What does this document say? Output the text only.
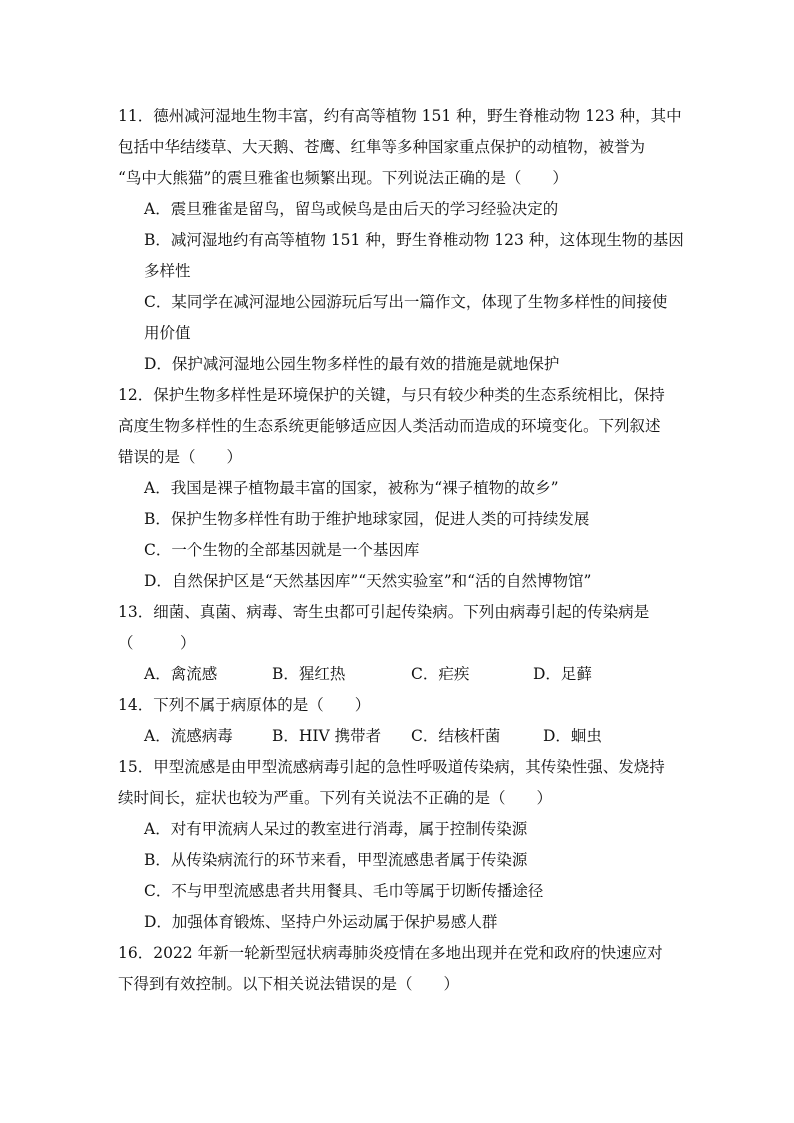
11．德州减河湿地生物丰富，约有高等植物 151 种，野生脊椎动物 123 种，其中
包括中华结缕草、大天鹅、苍鹰、红隼等多种国家重点保护的动植物，被誉为
“鸟中大熊猫”的震旦雅雀也频繁出现。下列说法正确的是（　　）
A．震旦雅雀是留鸟，留鸟或候鸟是由后天的学习经验决定的
B．减河湿地约有高等植物 151 种，野生脊椎动物 123 种，这体现生物的基因
多样性
C．某同学在减河湿地公园游玩后写出一篇作文，体现了生物多样性的间接使
用价值
D．保护减河湿地公园生物多样性的最有效的措施是就地保护
12．保护生物多样性是环境保护的关键，与只有较少种类的生态系统相比，保持
高度生物多样性的生态系统更能够适应因人类活动而造成的环境变化。下列叙述
错误的是（　　）
A．我国是裸子植物最丰富的国家，被称为“裸子植物的故乡”
B．保护生物多样性有助于维护地球家园，促进人类的可持续发展
C．一个生物的全部基因就是一个基因库
D．自然保护区是“天然基因库”“天然实验室”和“活的自然博物馆”
13．细菌、真菌、病毒、寄生虫都可引起传染病。下列由病毒引起的传染病是
（　　　）
A．禽流感	B．猩红热	C．疟疾	D．足藓
14．下列不属于病原体的是（　　）
A．流感病毒	B．HIV 携带者 C．结核杆菌	D．蛔虫
15．甲型流感是由甲型流感病毒引起的急性呼吸道传染病，其传染性强、发烧持
续时间长，症状也较为严重。下列有关说法不正确的是（　　）
A．对有甲流病人呆过的教室进行消毒，属于控制传染源
B．从传染病流行的环节来看，甲型流感患者属于传染源
C．不与甲型流感患者共用餐具、毛巾等属于切断传播途径
D．加强体育锻炼、坚持户外运动属于保护易感人群
16．2022 年新一轮新型冠状病毒肺炎疫情在多地出现并在党和政府的快速应对
下得到有效控制。以下相关说法错误的是（　　）
